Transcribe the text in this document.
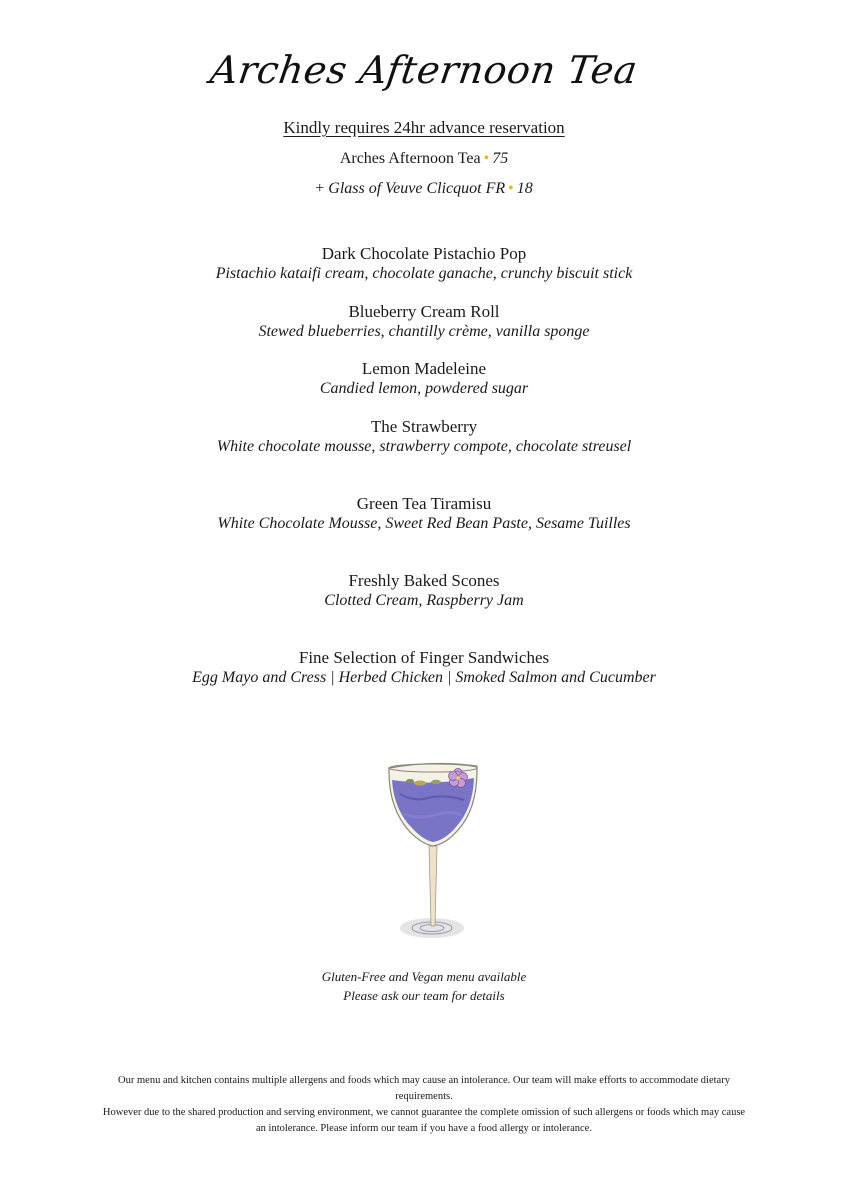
Arches Afternoon Tea
Kindly requires 24hr advance reservation
Arches Afternoon Tea • 75
+ Glass of Veuve Clicquot FR • 18
Dark Chocolate Pistachio Pop
Pistachio kataifi cream, chocolate ganache, crunchy biscuit stick
Blueberry Cream Roll
Stewed blueberries, chantilly crème, vanilla sponge
Lemon Madeleine
Candied lemon, powdered sugar
The Strawberry
White chocolate mousse, strawberry compote, chocolate streusel
Green Tea Tiramisu
White Chocolate Mousse, Sweet Red Bean Paste, Sesame Tuilles
Freshly Baked Scones
Clotted Cream, Raspberry Jam
Fine Selection of Finger Sandwiches
Egg Mayo and Cress | Herbed Chicken | Smoked Salmon and Cucumber
Gluten-Free and Vegan menu available
Please ask our team for details
Our menu and kitchen contains multiple allergens and foods which may cause an intolerance. Our team will make efforts to accommodate dietary requirements.
However due to the shared production and serving environment, we cannot guarantee the complete omission of such allergens or foods which may cause an intolerance. Please inform our team if you have a food allergy or intolerance.
